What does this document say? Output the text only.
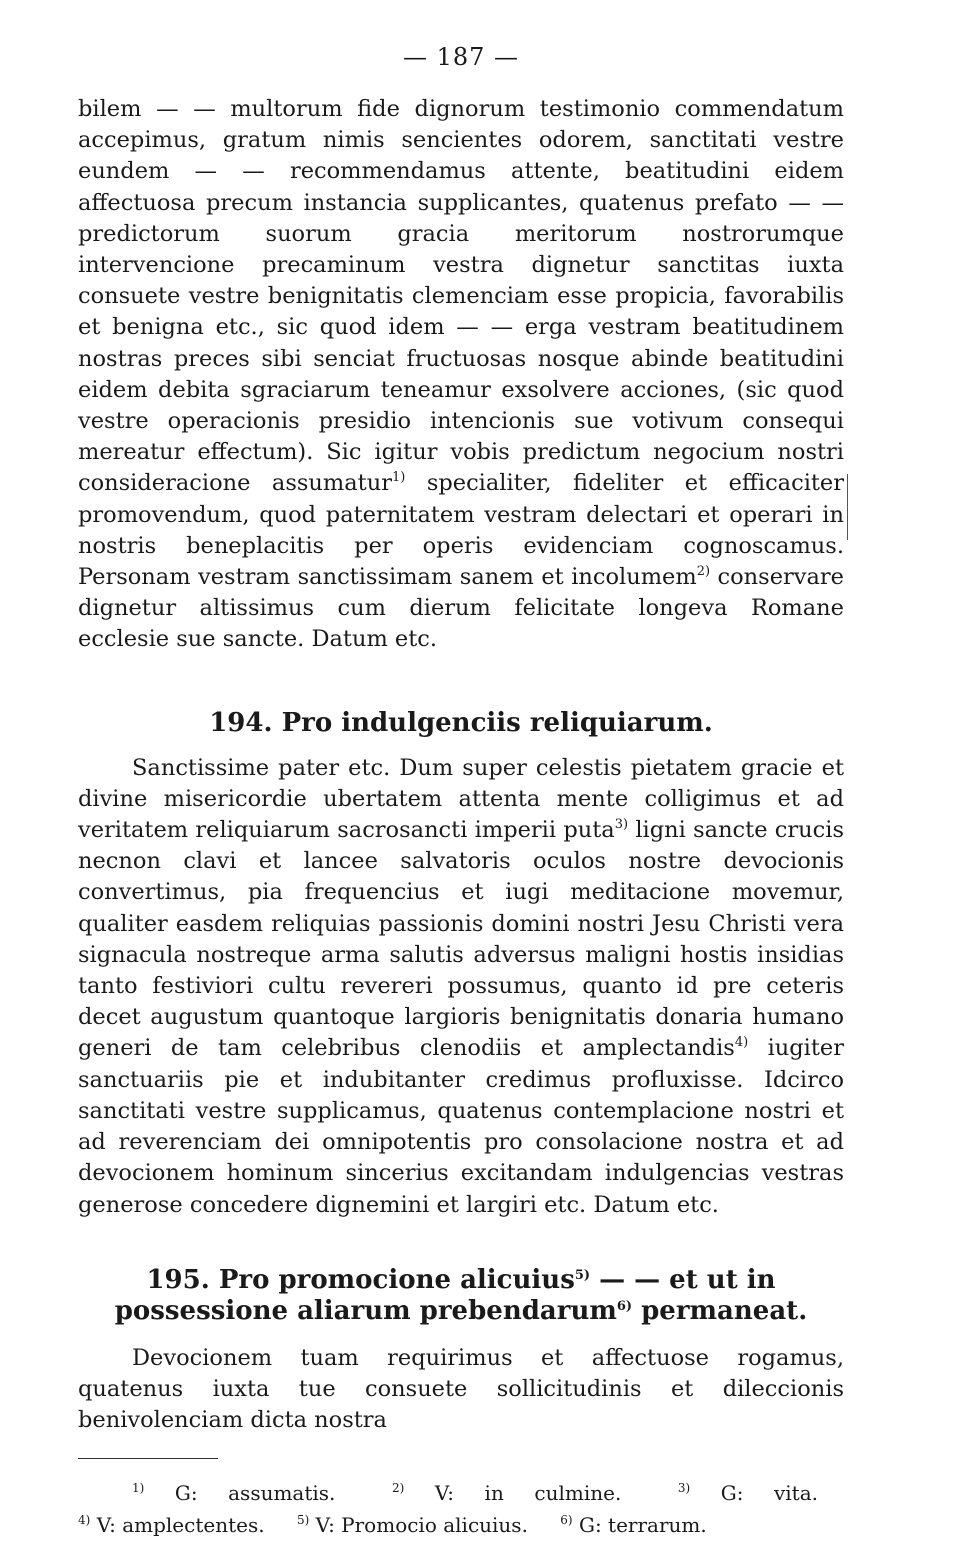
— 187 —

bilem — — multorum fide dignorum testimonio commendatum accepimus, gratum nimis sencientes odorem, sanctitati vestre eundem — — recommendamus attente, beatitudini eidem affectuosa precum instancia supplicantes, quatenus prefato — — predictorum suorum gracia meritorum nostrorumque intervencione precaminum vestra dignetur sanctitas iuxta consuete vestre benignitatis clemenciam esse propicia, favorabilis et benigna etc., sic quod idem — — erga vestram beatitudinem nostras preces sibi senciat fructuosas nosque abinde beatitudini eidem debita sgraciarum teneamur exsolvere acciones, (sic quod vestre operacionis presidio intencionis sue votivum consequi mereatur effectum). Sic igitur vobis predictum negocium nostri consideracione assumatur$^{1)}$ specialiter, fideliter et efficaciter promovendum, quod paternitatem vestram delectari et operari in nostris beneplacitis per operis evidenciam cognoscamus. Personam vestram sanctissimam sanem et incolumem$^{2)}$ conservare dignetur altissimus cum dierum felicitate longeva Romane ecclesie sue sancte. Datum etc.

194. Pro indulgenciis reliquiarum.

Sanctissime pater etc. Dum super celestis pietatem gracie et divine misericordie ubertatem attenta mente colligimus et ad veritatem reliquiarum sacrosancti imperii puta$^{3)}$ ligni sancte crucis necnon clavi et lancee salvatoris oculos nostre devocionis convertimus, pia frequencius et iugi meditacione movemur, qualiter easdem reliquias passionis domini nostri Jesu Christi vera signacula nostreque arma salutis adversus maligni hostis insidias tanto festiviori cultu revereri possumus, quanto id pre ceteris decet augustum quantoque largioris benignitatis donaria humano generi de tam celebribus clenodiis et amplectandis$^{4)}$ iugiter sanctuariis pie et indubitanter credimus profluxisse. Idcirco sanctitati vestre supplicamus, quatenus contemplacione nostri et ad reverenciam dei omnipotentis pro consolacione nostra et ad devocionem hominum sincerius excitandam indulgencias vestras generose concedere dignemini et largiri etc. Datum etc.

195. Pro promocione alicuius$^{5)}$ — — et ut in possessione aliarum prebendarum$^{6)}$ permaneat.

Devocionem tuam requirimus et affectuose rogamus, quatenus iuxta tue consuete sollicitudinis et dileccionis benivolenciam dicta nostra

$^{1)}$ G: assumatis.	$^{2)}$ V: in culmine.	$^{3)}$ G: vita. $^{4)}$ V: amplectentes.	$^{5)}$ V: Promocio alicuius.	$^{6)}$ G: terrarum.
